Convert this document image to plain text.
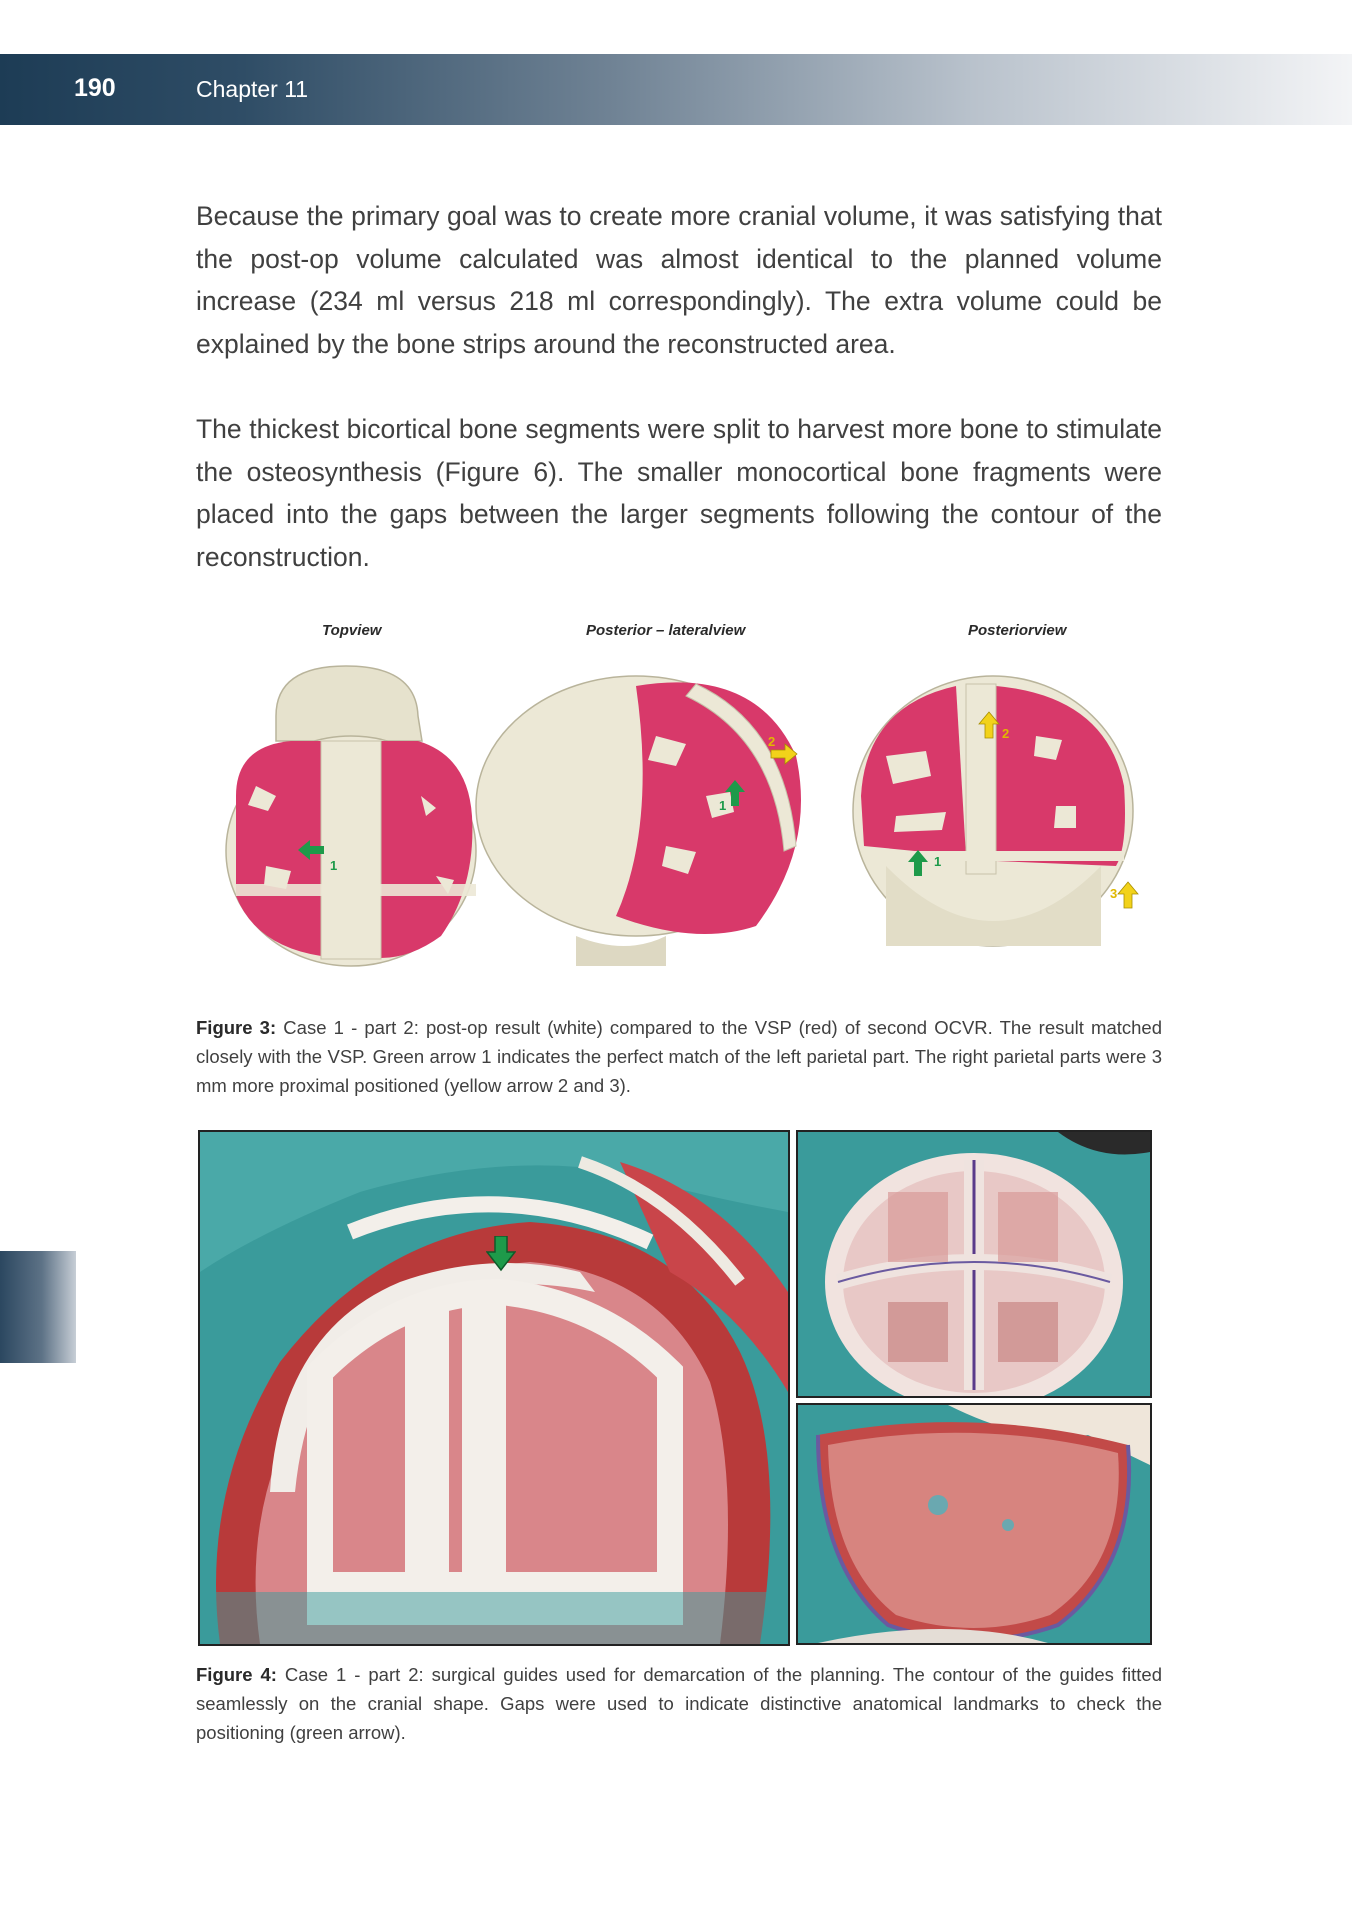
190	Chapter 11

Because the primary goal was to create more cranial volume, it was satisfying that the post-op volume calculated was almost identical to the planned volume increase (234 ml versus 218 ml correspondingly). The extra volume could be explained by the bone strips around the reconstructed area.

The thickest bicortical bone segments were split to harvest more bone to stimulate the osteosynthesis (Figure 6). The smaller monocortical bone fragments were placed into the gaps between the larger segments following the contour of the reconstruction.

Topview	Posterior – lateralview	Posteriorview
1
1
2
1
2
3

Figure 3: Case 1 - part 2: post-op result (white) compared to the VSP (red) of second OCVR. The result matched closely with the VSP. Green arrow 1 indicates the perfect match of the left parietal part. The right parietal parts were 3 mm more proximal positioned (yellow arrow 2 and 3).

Figure 4: Case 1 - part 2: surgical guides used for demarcation of the planning. The contour of the guides fitted seamlessly on the cranial shape. Gaps were used to indicate distinctive anatomical landmarks to check the positioning (green arrow).
